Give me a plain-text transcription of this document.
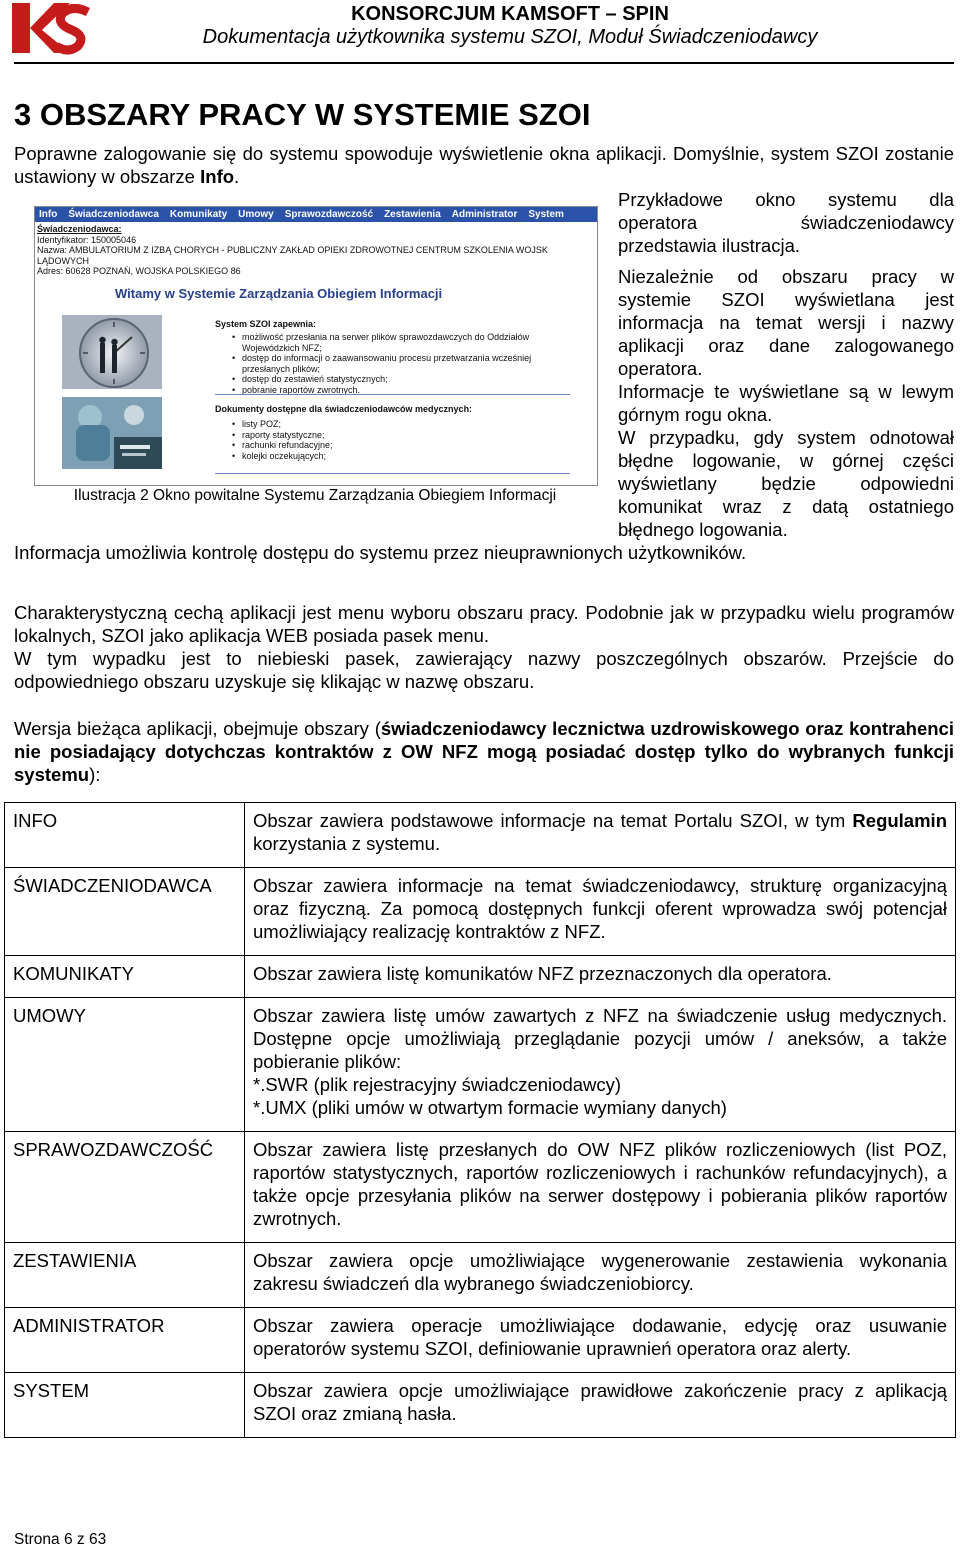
KS
KONSORCJUM KAMSOFT – SPIN
Dokumentacja użytkownika systemu SZOI, Moduł Świadczeniodawcy
3 OBSZARY PRACY W SYSTEMIE SZOI
Poprawne zalogowanie się do systemu spowoduje wyświetlenie okna aplikacji. Domyślnie, system SZOI zostanie ustawiony w obszarze Info.
Info Świadczeniodawca Komunikaty Umowy Sprawozdawczość Zestawienia Administrator System
Świadczeniodawca:
Identyfikator: 150005046
Nazwa: AMBULATORIUM Z IZBĄ CHORYCH - PUBLICZNY ZAKŁAD OPIEKI ZDROWOTNEJ CENTRUM SZKOLENIA WOJSK LĄDOWYCH
Adres: 60628 POZNAŃ, WOJSKA POLSKIEGO 86
Witamy w Systemie Zarządzania Obiegiem Informacji
System SZOI zapewnia:
• możliwość przesłania na serwer plików sprawozdawczych do Oddziałów Wojewódzkich NFZ;
• dostęp do informacji o zaawansowaniu procesu przetwarzania wcześniej przesłanych plików;
• dostęp do zestawień statystycznych;
• pobranie raportów zwrotnych.
Dokumenty dostępne dla świadczeniodawców medycznych:
• listy POZ;
• raporty statystyczne;
• rachunki refundacyjne;
• kolejki oczekujących;
Ilustracja 2 Okno powitalne Systemu Zarządzania Obiegiem Informacji
Przykładowe okno systemu dla operatora świadczeniodawcy przedstawia ilustracja.
Niezależnie od obszaru pracy w systemie SZOI wyświetlana jest informacja na temat wersji i nazwy aplikacji oraz dane zalogowanego operatora.
Informacje te wyświetlane są w lewym górnym rogu okna.
W przypadku, gdy system odnotował błędne logowanie, w górnej części wyświetlany będzie odpowiedni komunikat wraz z datą ostatniego błędnego logowania.
Informacja umożliwia kontrolę dostępu do systemu przez nieuprawnionych użytkowników.
Charakterystyczną cechą aplikacji jest menu wyboru obszaru pracy. Podobnie jak w przypadku wielu programów lokalnych, SZOI jako aplikacja WEB posiada pasek menu.
W tym wypadku jest to niebieski pasek, zawierający nazwy poszczególnych obszarów. Przejście do odpowiedniego obszaru uzyskuje się klikając w nazwę obszaru.
Wersja bieżąca aplikacji, obejmuje obszary (świadczeniodawcy lecznictwa uzdrowiskowego oraz kontrahenci nie posiadający dotychczas kontraktów z OW NFZ mogą posiadać dostęp tylko do wybranych funkcji systemu):
INFO	Obszar zawiera podstawowe informacje na temat Portalu SZOI, w tym Regulamin korzystania z systemu.
ŚWIADCZENIODAWCA	Obszar zawiera informacje na temat świadczeniodawcy, strukturę organizacyjną oraz fizyczną. Za pomocą dostępnych funkcji oferent wprowadza swój potencjał umożliwiający realizację kontraktów z NFZ.
KOMUNIKATY	Obszar zawiera listę komunikatów NFZ przeznaczonych dla operatora.
UMOWY	Obszar zawiera listę umów zawartych z NFZ na świadczenie usług medycznych. Dostępne opcje umożliwiają przeglądanie pozycji umów / aneksów, a także pobieranie plików:
*.SWR (plik rejestracyjny świadczeniodawcy)
*.UMX (pliki umów w otwartym formacie wymiany danych)

SPRAWOZDAWCZOŚĆ	Obszar zawiera listę przesłanych do OW NFZ plików rozliczeniowych (list POZ, raportów statystycznych, raportów rozliczeniowych i rachunków refundacyjnych), a także opcje przesyłania plików na serwer dostępowy i pobierania plików raportów zwrotnych.
ZESTAWIENIA	Obszar zawiera opcje umożliwiające wygenerowanie zestawienia wykonania zakresu świadczeń dla wybranego świadczeniobiorcy.
ADMINISTRATOR	Obszar zawiera operacje umożliwiające dodawanie, edycję oraz usuwanie operatorów systemu SZOI, definiowanie uprawnień operatora oraz alerty.
SYSTEM	Obszar zawiera opcje umożliwiające prawidłowe zakończenie pracy z aplikacją SZOI oraz zmianą hasła.
Strona 6 z 63
